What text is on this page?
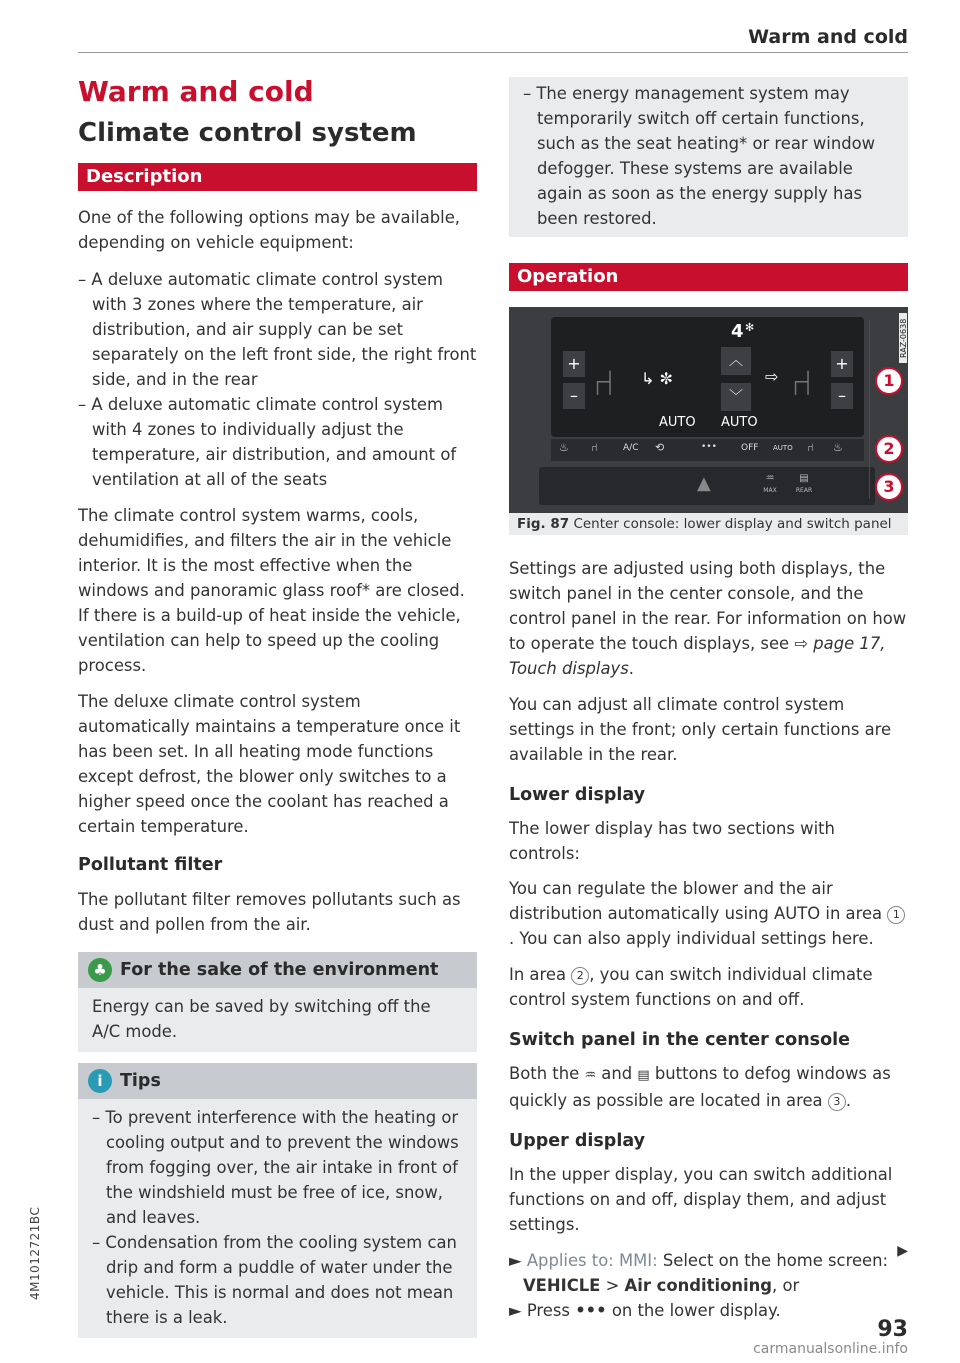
Warm and cold
Warm and cold
Climate control system
Description

One of the following options may be available, depending on vehicle equipment:

– A deluxe automatic climate control system with 3 zones where the temperature, air distribution, and air supply can be set separately on the left front side, the right front side, and in the rear

– A deluxe automatic climate control system with 4 zones to individually adjust the temperature, air distribution, and amount of ventilation at all of the seats

The climate control system warms, cools, dehumidifies, and filters the air in the vehicle interior. It is the most effective when the windows and panoramic glass roof* are closed. If there is a build-up of heat inside the vehicle, ventilation can help to speed up the cooling process.

The deluxe climate control system automatically maintains a temperature once it has been set. In all heating mode functions except defrost, the blower only switches to a higher speed once the coolant has reached a certain temperature.

Pollutant filter

The pollutant filter removes pollutants such as dust and pollen from the air.

♣ For the sake of the environment

Energy can be saved by switching off the A/C mode.

i Tips

– To prevent interference with the heating or cooling output and to prevent the windows from fogging over, the air intake in front of the windshield must be free of ice, snow, and leaves.

– Condensation from the cooling system can drip and form a puddle of water under the vehicle. This is normal and does not mean there is a leak.

– The energy management system may temporarily switch off certain functions, such as the seat heating* or rear window defogger. These systems are available again as soon as the energy supply has been restored.

Operation
4 ✻
+
– ⑁ ↳ ✼
︿
﹀
⇨ ⑁ +
–
AUTO AUTO
♨ ⑁	A/C ⟲	•••	OFF AUTO ⑁ ♨
▲	♒
MAX
▤
REAR
1
2
3
RAZ-0638
Fig. 87 Center console: lower display and switch panel

Settings are adjusted using both displays, the switch panel in the center console, and the control panel in the rear. For information on how to operate the touch displays, see ⇨ page 17, Touch displays.

You can adjust all climate control system settings in the front; only certain functions are available in the rear.

Lower display

The lower display has two sections with controls:

You can regulate the blower and the air distribution automatically using AUTO in area 1. You can also apply individual settings here.

In area 2 , you can switch individual climate control system functions on and off.

Switch panel in the center console

Both the ♒ and ▤ buttons to defog windows as quickly as possible are located in area 3 .

Upper display

In the upper display, you can switch additional functions on and off, display them, and adjust settings.

► Applies to: MMI: Select on the home screen: VEHICLE > Air conditioning, or

► Press ••• on the lower display.

▶
93
4M1012721BC
carmanualsonline.info
